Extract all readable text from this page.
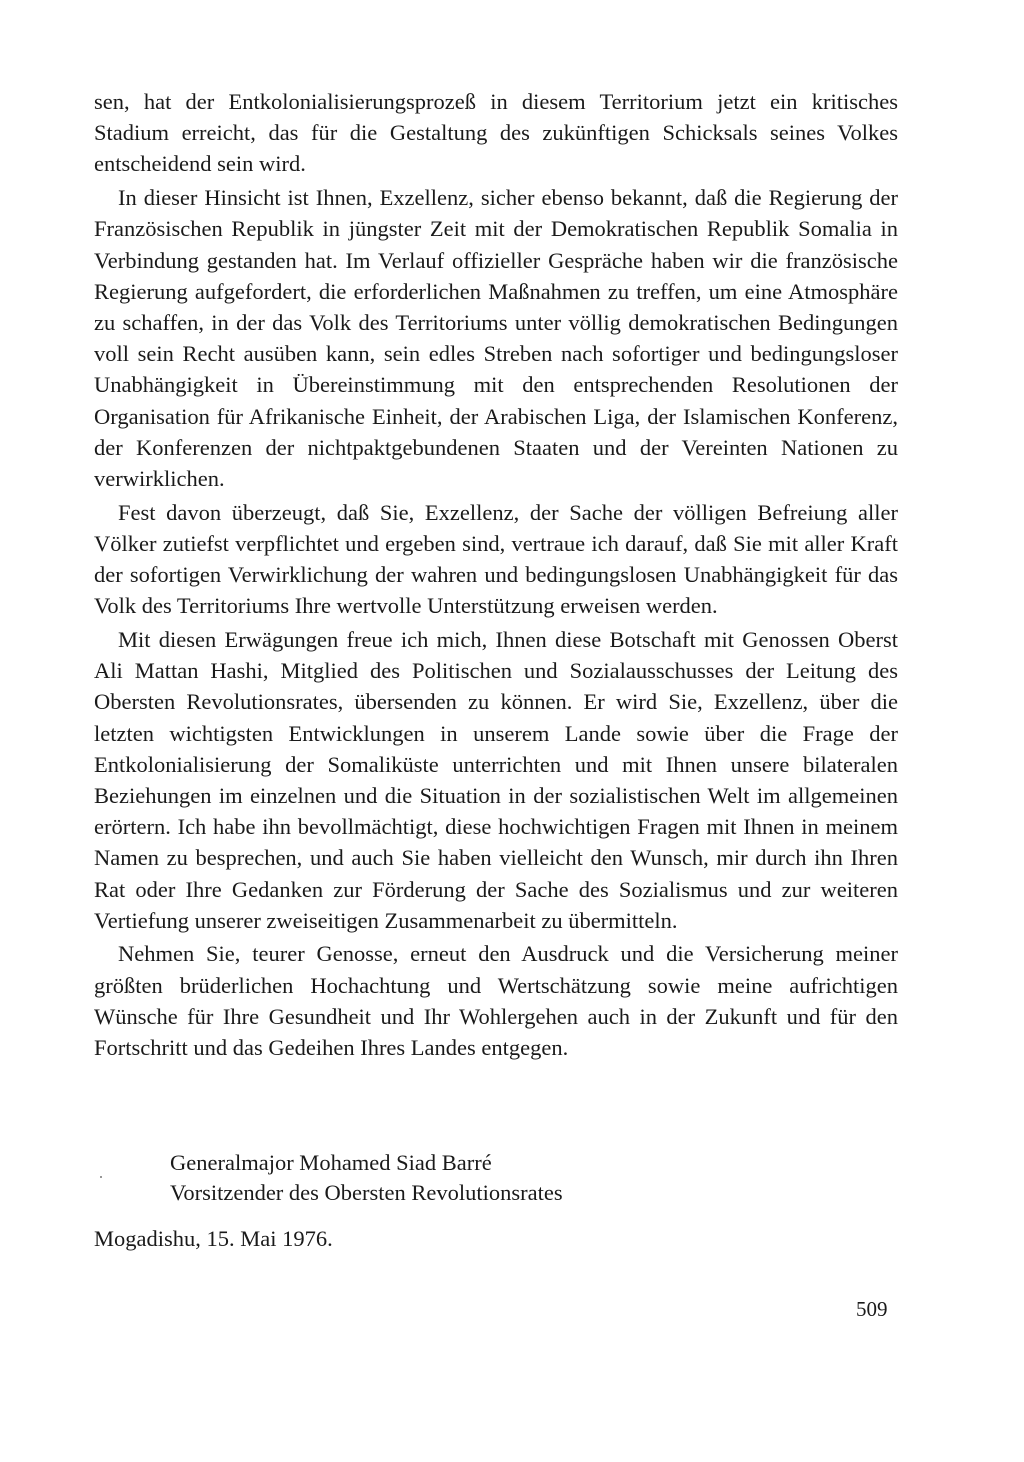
sen, hat der Entkolonialisierungsprozeß in diesem Territorium jetzt ein kritisches Stadium erreicht, das für die Gestaltung des zukünftigen Schicksals seines Volkes entscheidend sein wird.

In dieser Hinsicht ist Ihnen, Exzellenz, sicher ebenso bekannt, daß die Regierung der Französischen Republik in jüngster Zeit mit der Demokratischen Republik Somalia in Verbindung gestanden hat. Im Verlauf offizieller Gespräche haben wir die französische Regierung aufgefordert, die erforderlichen Maßnahmen zu treffen, um eine Atmosphäre zu schaffen, in der das Volk des Territoriums unter völlig demokratischen Bedingungen voll sein Recht ausüben kann, sein edles Streben nach sofortiger und bedingungsloser Unabhängigkeit in Übereinstimmung mit den entsprechenden Resolutionen der Organisation für Afrikanische Einheit, der Arabischen Liga, der Islamischen Konferenz, der Konferenzen der nichtpaktgebundenen Staaten und der Vereinten Nationen zu verwirklichen.

Fest davon überzeugt, daß Sie, Exzellenz, der Sache der völligen Befreiung aller Völker zutiefst verpflichtet und ergeben sind, vertraue ich darauf, daß Sie mit aller Kraft der sofortigen Verwirklichung der wahren und bedingungslosen Unabhängigkeit für das Volk des Territoriums Ihre wertvolle Unterstützung erweisen werden.

Mit diesen Erwägungen freue ich mich, Ihnen diese Botschaft mit Genossen Oberst Ali Mattan Hashi, Mitglied des Politischen und Sozialausschusses der Leitung des Obersten Revolutionsrates, übersenden zu können. Er wird Sie, Exzellenz, über die letzten wichtigsten Entwicklungen in unserem Lande sowie über die Frage der Entkolonialisierung der Somaliküste unterrichten und mit Ihnen unsere bilateralen Beziehungen im einzelnen und die Situation in der sozialistischen Welt im allgemeinen erörtern. Ich habe ihn bevollmächtigt, diese hochwichtigen Fragen mit Ihnen in meinem Namen zu besprechen, und auch Sie haben vielleicht den Wunsch, mir durch ihn Ihren Rat oder Ihre Gedanken zur Förderung der Sache des Sozialismus und zur weiteren Vertiefung unserer zweiseitigen Zusammenarbeit zu übermitteln.

Nehmen Sie, teurer Genosse, erneut den Ausdruck und die Versicherung meiner größten brüderlichen Hochachtung und Wertschätzung sowie meine aufrichtigen Wünsche für Ihre Gesundheit und Ihr Wohlergehen auch in der Zukunft und für den Fortschritt und das Gedeihen Ihres Landes entgegen.

Generalmajor Mohamed Siad Barré
Vorsitzender des Obersten Revolutionsrates
Mogadishu, 15. Mai 1976.
509
